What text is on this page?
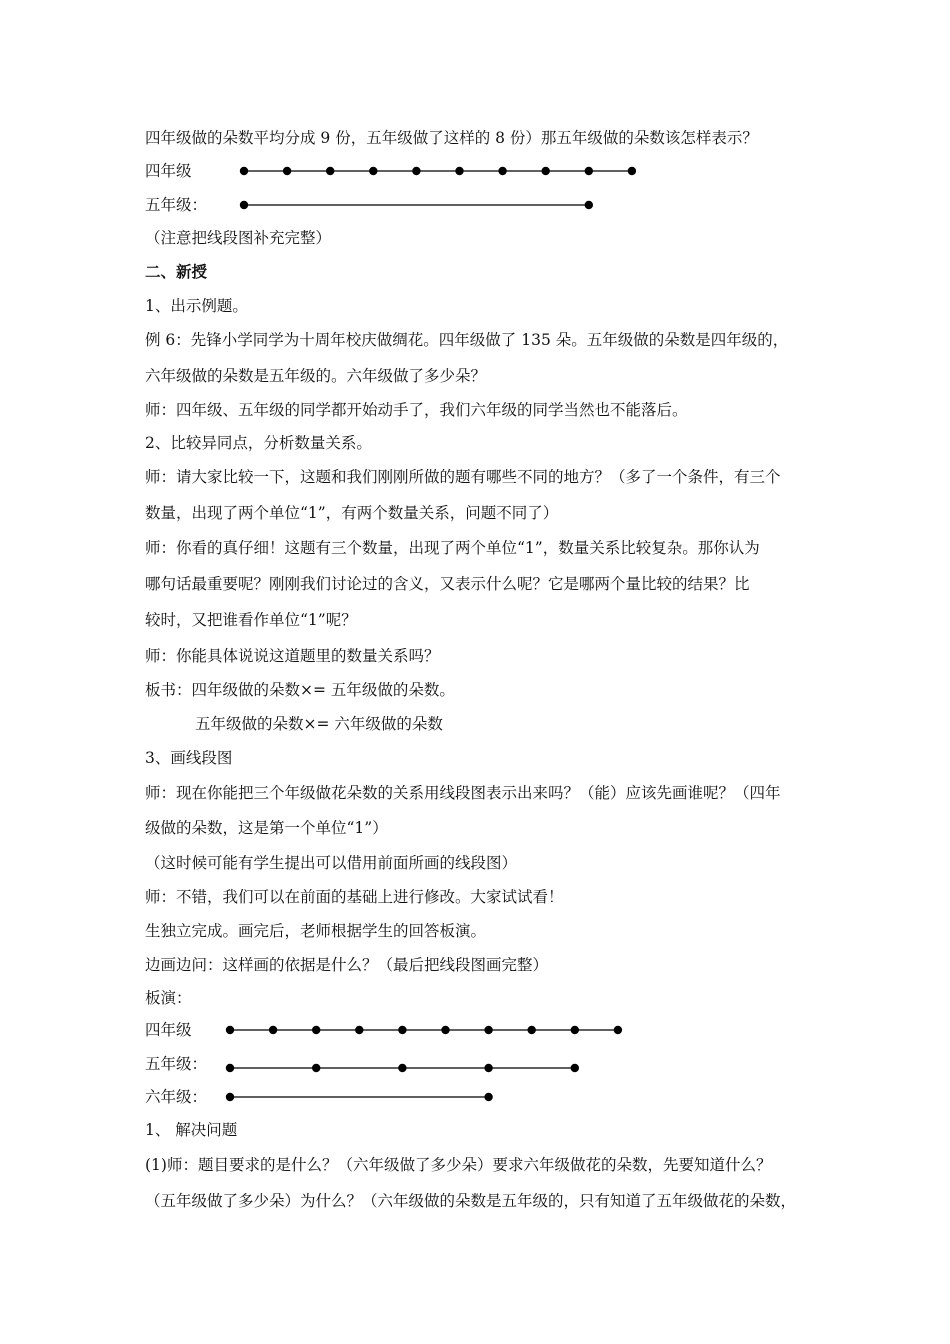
四年级做的朵数平均分成 9 份，五年级做了这样的 8 份）那五年级做的朵数该怎样表示？
四年级
五年级：
（注意把线段图补充完整）
二、新授
1、出示例题。
例 6：先锋小学同学为十周年校庆做绸花。四年级做了 135 朵。五年级做的朵数是四年级的，
六年级做的朵数是五年级的。六年级做了多少朵？
师：四年级、五年级的同学都开始动手了，我们六年级的同学当然也不能落后。
2、比较异同点，分析数量关系。
师：请大家比较一下，这题和我们刚刚所做的题有哪些不同的地方？（多了一个条件，有三个
数量，出现了两个单位“1”，有两个数量关系，问题不同了）
师：你看的真仔细！这题有三个数量，出现了两个单位“1”，数量关系比较复杂。那你认为
哪句话最重要呢？刚刚我们讨论过的含义，又表示什么呢？它是哪两个量比较的结果？比
较时，又把谁看作单位“1”呢？
师：你能具体说说这道题里的数量关系吗？
板书：四年级做的朵数×= 五年级做的朵数。
五年级做的朵数×= 六年级做的朵数
3、画线段图
师：现在你能把三个年级做花朵数的关系用线段图表示出来吗？（能）应该先画谁呢？（四年
级做的朵数，这是第一个单位“1”）
（这时候可能有学生提出可以借用前面所画的线段图）
师：不错，我们可以在前面的基础上进行修改。大家试试看！
生独立完成。画完后，老师根据学生的回答板演。
边画边问：这样画的依据是什么？（最后把线段图画完整）
板演：
四年级
五年级：
六年级：
1、 解决问题
(1)师：题目要求的是什么？（六年级做了多少朵）要求六年级做花的朵数，先要知道什么？
（五年级做了多少朵）为什么？（六年级做的朵数是五年级的，只有知道了五年级做花的朵数，
